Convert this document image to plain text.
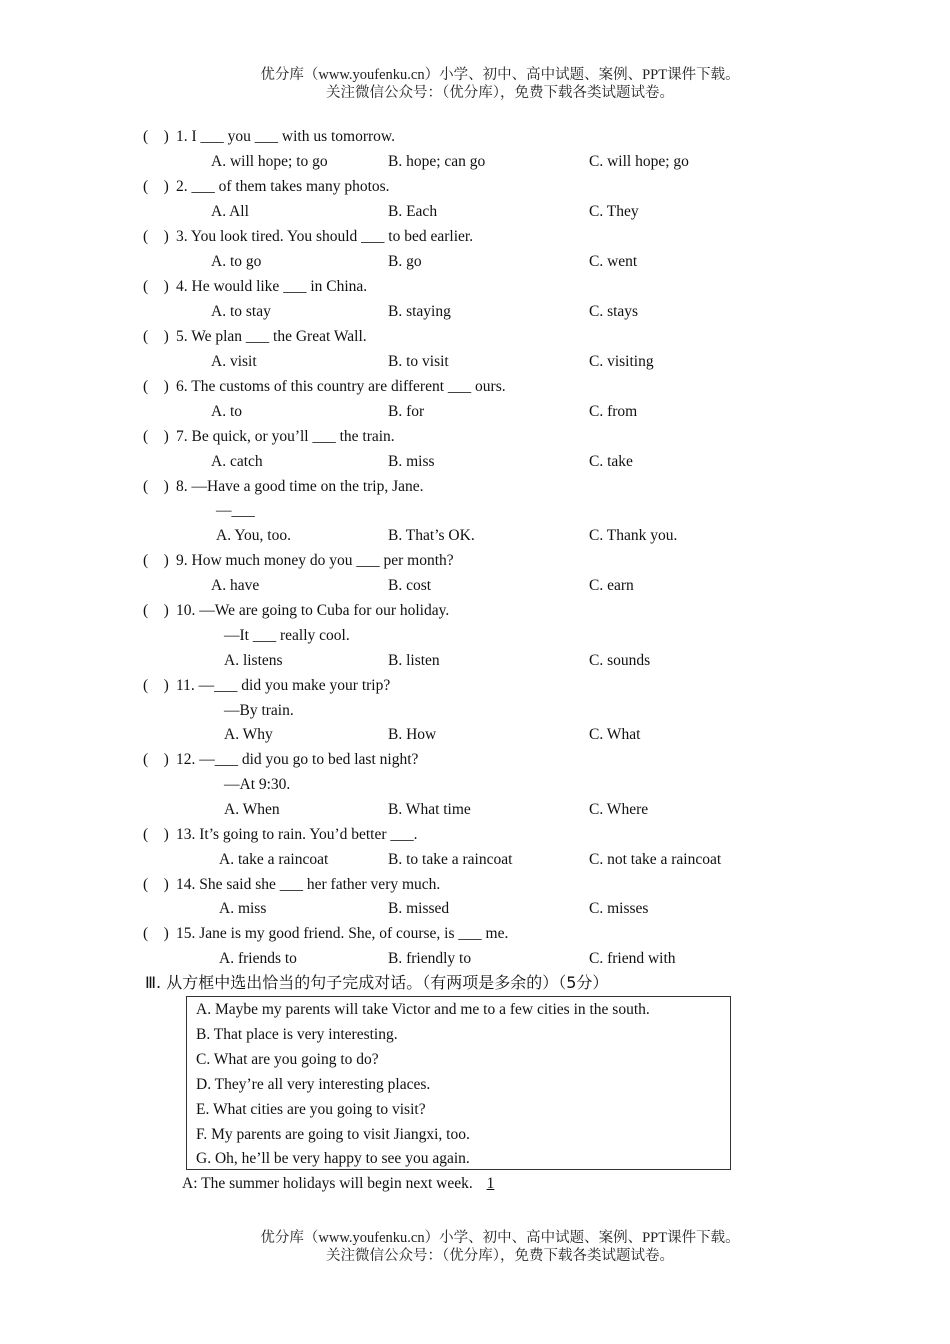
优分库（www.youfenku.cn）小学、初中、高中试题、案例、PPT课件下载。
关注微信公众号：（优分库），免费下载各类试题试卷。
(　) 1. I ___ you ___ with us tomorrow.
A. will hope; to go	B. hope; can go	C. will hope; go
(　) 2. ___ of them takes many photos.
A. All	B. Each	C. They
(　) 3. You look tired. You should ___ to bed earlier.
A. to go	B. go	C. went
(　) 4. He would like ___ in China.
A. to stay	B. staying	C. stays
(　) 5. We plan ___ the Great Wall.
A. visit	B. to visit	C. visiting
(　) 6. The customs of this country are different ___ ours.
A. to	B. for	C. from
(　) 7. Be quick, or you’ll ___ the train.
A. catch	B. miss	C. take
(　) 8. —Have a good time on the trip, Jane.
—___
A. You, too.	B. That’s OK.	C. Thank you.
(　) 9. How much money do you ___ per month?
A. have	B. cost	C. earn
(　) 10. —We are going to Cuba for our holiday.
—It ___ really cool.
A. listens	B. listen	C. sounds
(　) 11. —___ did you make your trip?
—By train.
A. Why	B. How	C. What
(　) 12. —___ did you go to bed last night?
—At 9:30.
A. When	B. What time	C. Where
(　) 13. It’s going to rain. You’d better ___.
A. take a raincoat	B. to take a raincoat	C. not take a raincoat
(　) 14. She said she ___ her father very much.
A. miss	B. missed	C. misses
(　) 15. Jane is my good friend. She, of course, is ___ me.
A. friends to	B. friendly to	C. friend with
Ⅲ. 从方框中选出恰当的句子完成对话。（有两项是多余的）（5分）
A. Maybe my parents will take Victor and me to a few cities in the south.
B. That place is very interesting.
C. What are you going to do?
D. They’re all very interesting places.
E. What cities are you going to visit?
F. My parents are going to visit Jiangxi, too.
G. Oh, he’ll be very happy to see you again.
A: The summer holidays will begin next week. 1
优分库（www.youfenku.cn）小学、初中、高中试题、案例、PPT课件下载。
关注微信公众号：（优分库），免费下载各类试题试卷。
